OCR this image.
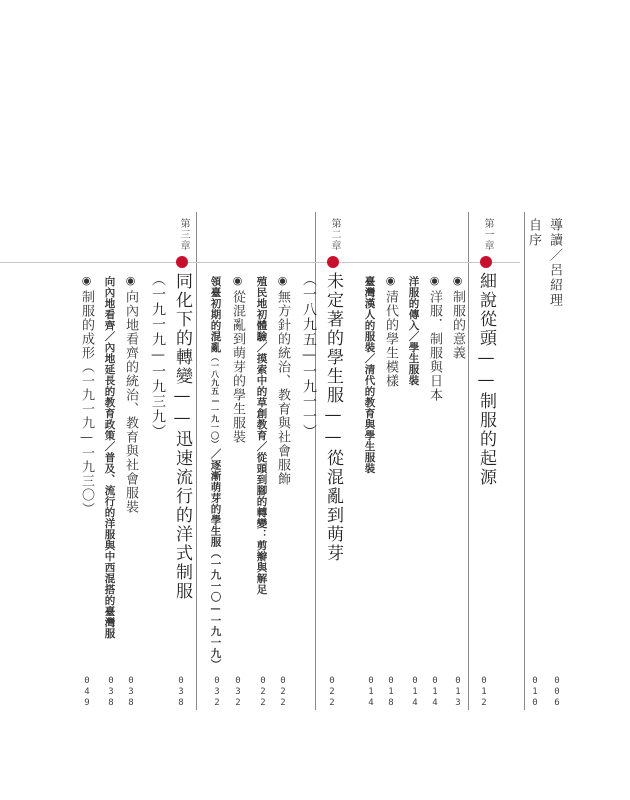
導讀／呂紹理
006
自序
010
第一章
細說從頭——制服的起源
012
◉ 制服的意義
013
◉ 洋服．制服與日本
014
洋服的傳入／學生服裝
014
◉ 清代的學生模樣
018
臺灣漢人的服裝／清代的教育與學生服裝
014
第二章
未定著的學生服——從混亂到萌芽
（一八九五—一九一一）
022
◉ 無方針的統治、教育與社會服飾
022
殖民地初體驗／摸索中的草創教育／從頭到腳的轉變：剪辮與解足
022
◉ 從混亂到萌芽的學生服裝
032
領臺初期的混亂（一八九五—一九一〇）／逐漸萌芽的學生服（一九一〇—一九一九）
032
第三章
同化下的轉變——迅速流行的洋式制服
（一九一九—一九三九）
038
◉ 向內地看齊的統治、教育與社會服裝
038
向內地看齊／內地延長的教育政策／普及、流行的洋服與中西混搭的臺灣服
038
◉ 制服的成形（一九一九—一九三〇）
049
